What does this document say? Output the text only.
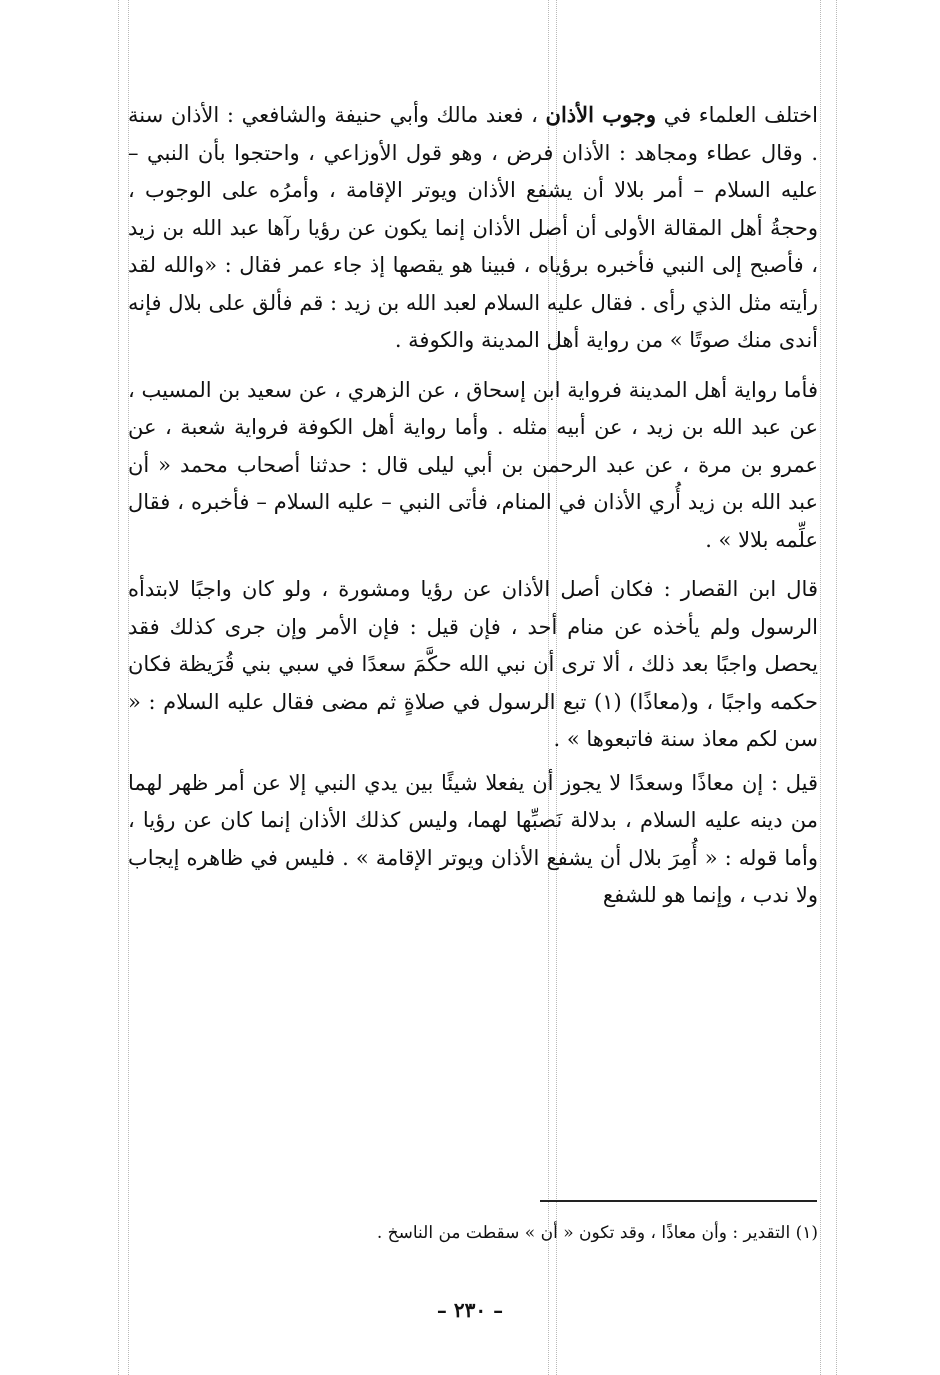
اختلف العلماء في وجوب الأذان ، فعند مالك وأبي حنيفة والشافعي : الأذان سنة . وقال عطاء ومجاهد : الأذان فرض ، وهو قول الأوزاعي ، واحتجوا بأن النبي – عليه السلام – أمر بلالا أن يشفع الأذان ويوتر الإقامة ، وأمرُه على الوجوب ، وحجةُ أهل المقالة الأولى أن أصل الأذان إنما يكون عن رؤيا رآها عبد الله بن زيد ، فأصبح إلى النبي فأخبره برؤياه ، فبينا هو يقصها إذ جاء عمر فقال : «والله لقد رأيته مثل الذي رأى . فقال عليه السلام لعبد الله بن زيد : قم فألق على بلال فإنه أندى منك صوتًا » من رواية أهل المدينة والكوفة .

فأما رواية أهل المدينة فرواية ابن إسحاق ، عن الزهري ، عن سعيد بن المسيب ، عن عبد الله بن زيد ، عن أبيه مثله . وأما رواية أهل الكوفة فرواية شعبة ، عن عمرو بن مرة ، عن عبد الرحمن بن أبي ليلى قال : حدثنا أصحاب محمد « أن عبد الله بن زيد أُري الأذان في المنام، فأتى النبي – عليه السلام – فأخبره ، فقال علِّمه بلالا » .

قال ابن القصار : فكان أصل الأذان عن رؤيا ومشورة ، ولو كان واجبًا لابتدأه الرسول ولم يأخذه عن منام أحد ، فإن قيل : فإن الأمر وإن جرى كذلك فقد يحصل واجبًا بعد ذلك ، ألا ترى أن نبي الله حكَّمَ سعدًا في سبي بني قُرَيظة فكان حكمه واجبًا ، و(معاذًا) (١) تبع الرسول في صلاةٍ ثم مضى فقال عليه السلام : « سن لكم معاذ سنة فاتبعوها » .

قيل : إن معاذًا وسعدًا لا يجوز أن يفعلا شيئًا بين يدي النبي إلا عن أمر ظهر لهما من دينه عليه السلام ، بدلالة نَصبِّها لهما، وليس كذلك الأذان إنما كان عن رؤيا ، وأما قوله : « أُمِرَ بلال أن يشفع الأذان ويوتر الإقامة » . فليس في ظاهره إيجاب ولا ندب ، وإنما هو للشفع

(١) التقدير : وأن معاذًا ، وقد تكون « أن » سقطت من الناسخ .
– ٢٣٠ –
